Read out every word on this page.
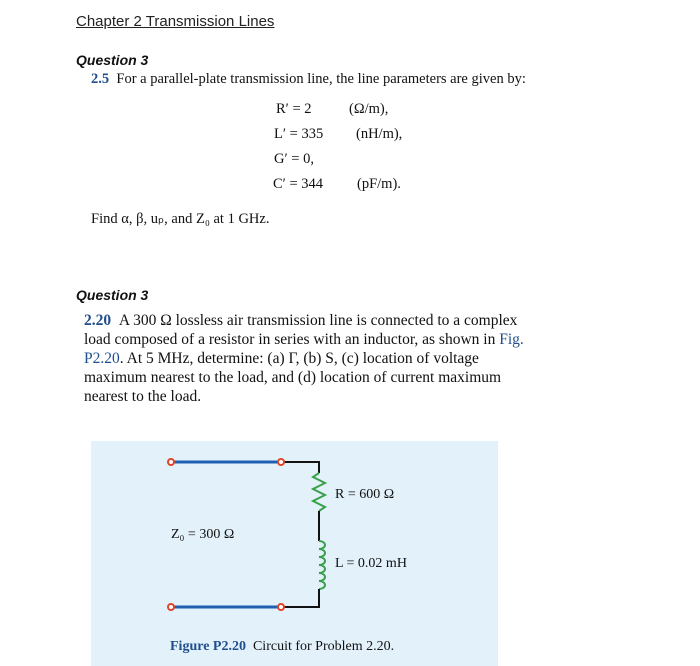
Chapter 2 Transmission Lines
Question 3
2.5 For a parallel-plate transmission line, the line parameters are given by:
R′ = 2	(Ω/m),
L′ = 335 (nH/m),
G′ = 0,
C′ = 344 (pF/m).
Find α, β, uₚ, and Z₀ at 1 GHz.
Question 3
2.20 A 300 Ω lossless air transmission line is connected to a complex load composed of a resistor in series with an inductor, as shown in Fig. P2.20. At 5 MHz, determine: (a) Γ, (b) S, (c) location of voltage maximum nearest to the load, and (d) location of current maximum nearest to the load.
Z₀ = 300 Ω
R = 600 Ω
L = 0.02 mH
Figure P2.20 Circuit for Problem 2.20.
